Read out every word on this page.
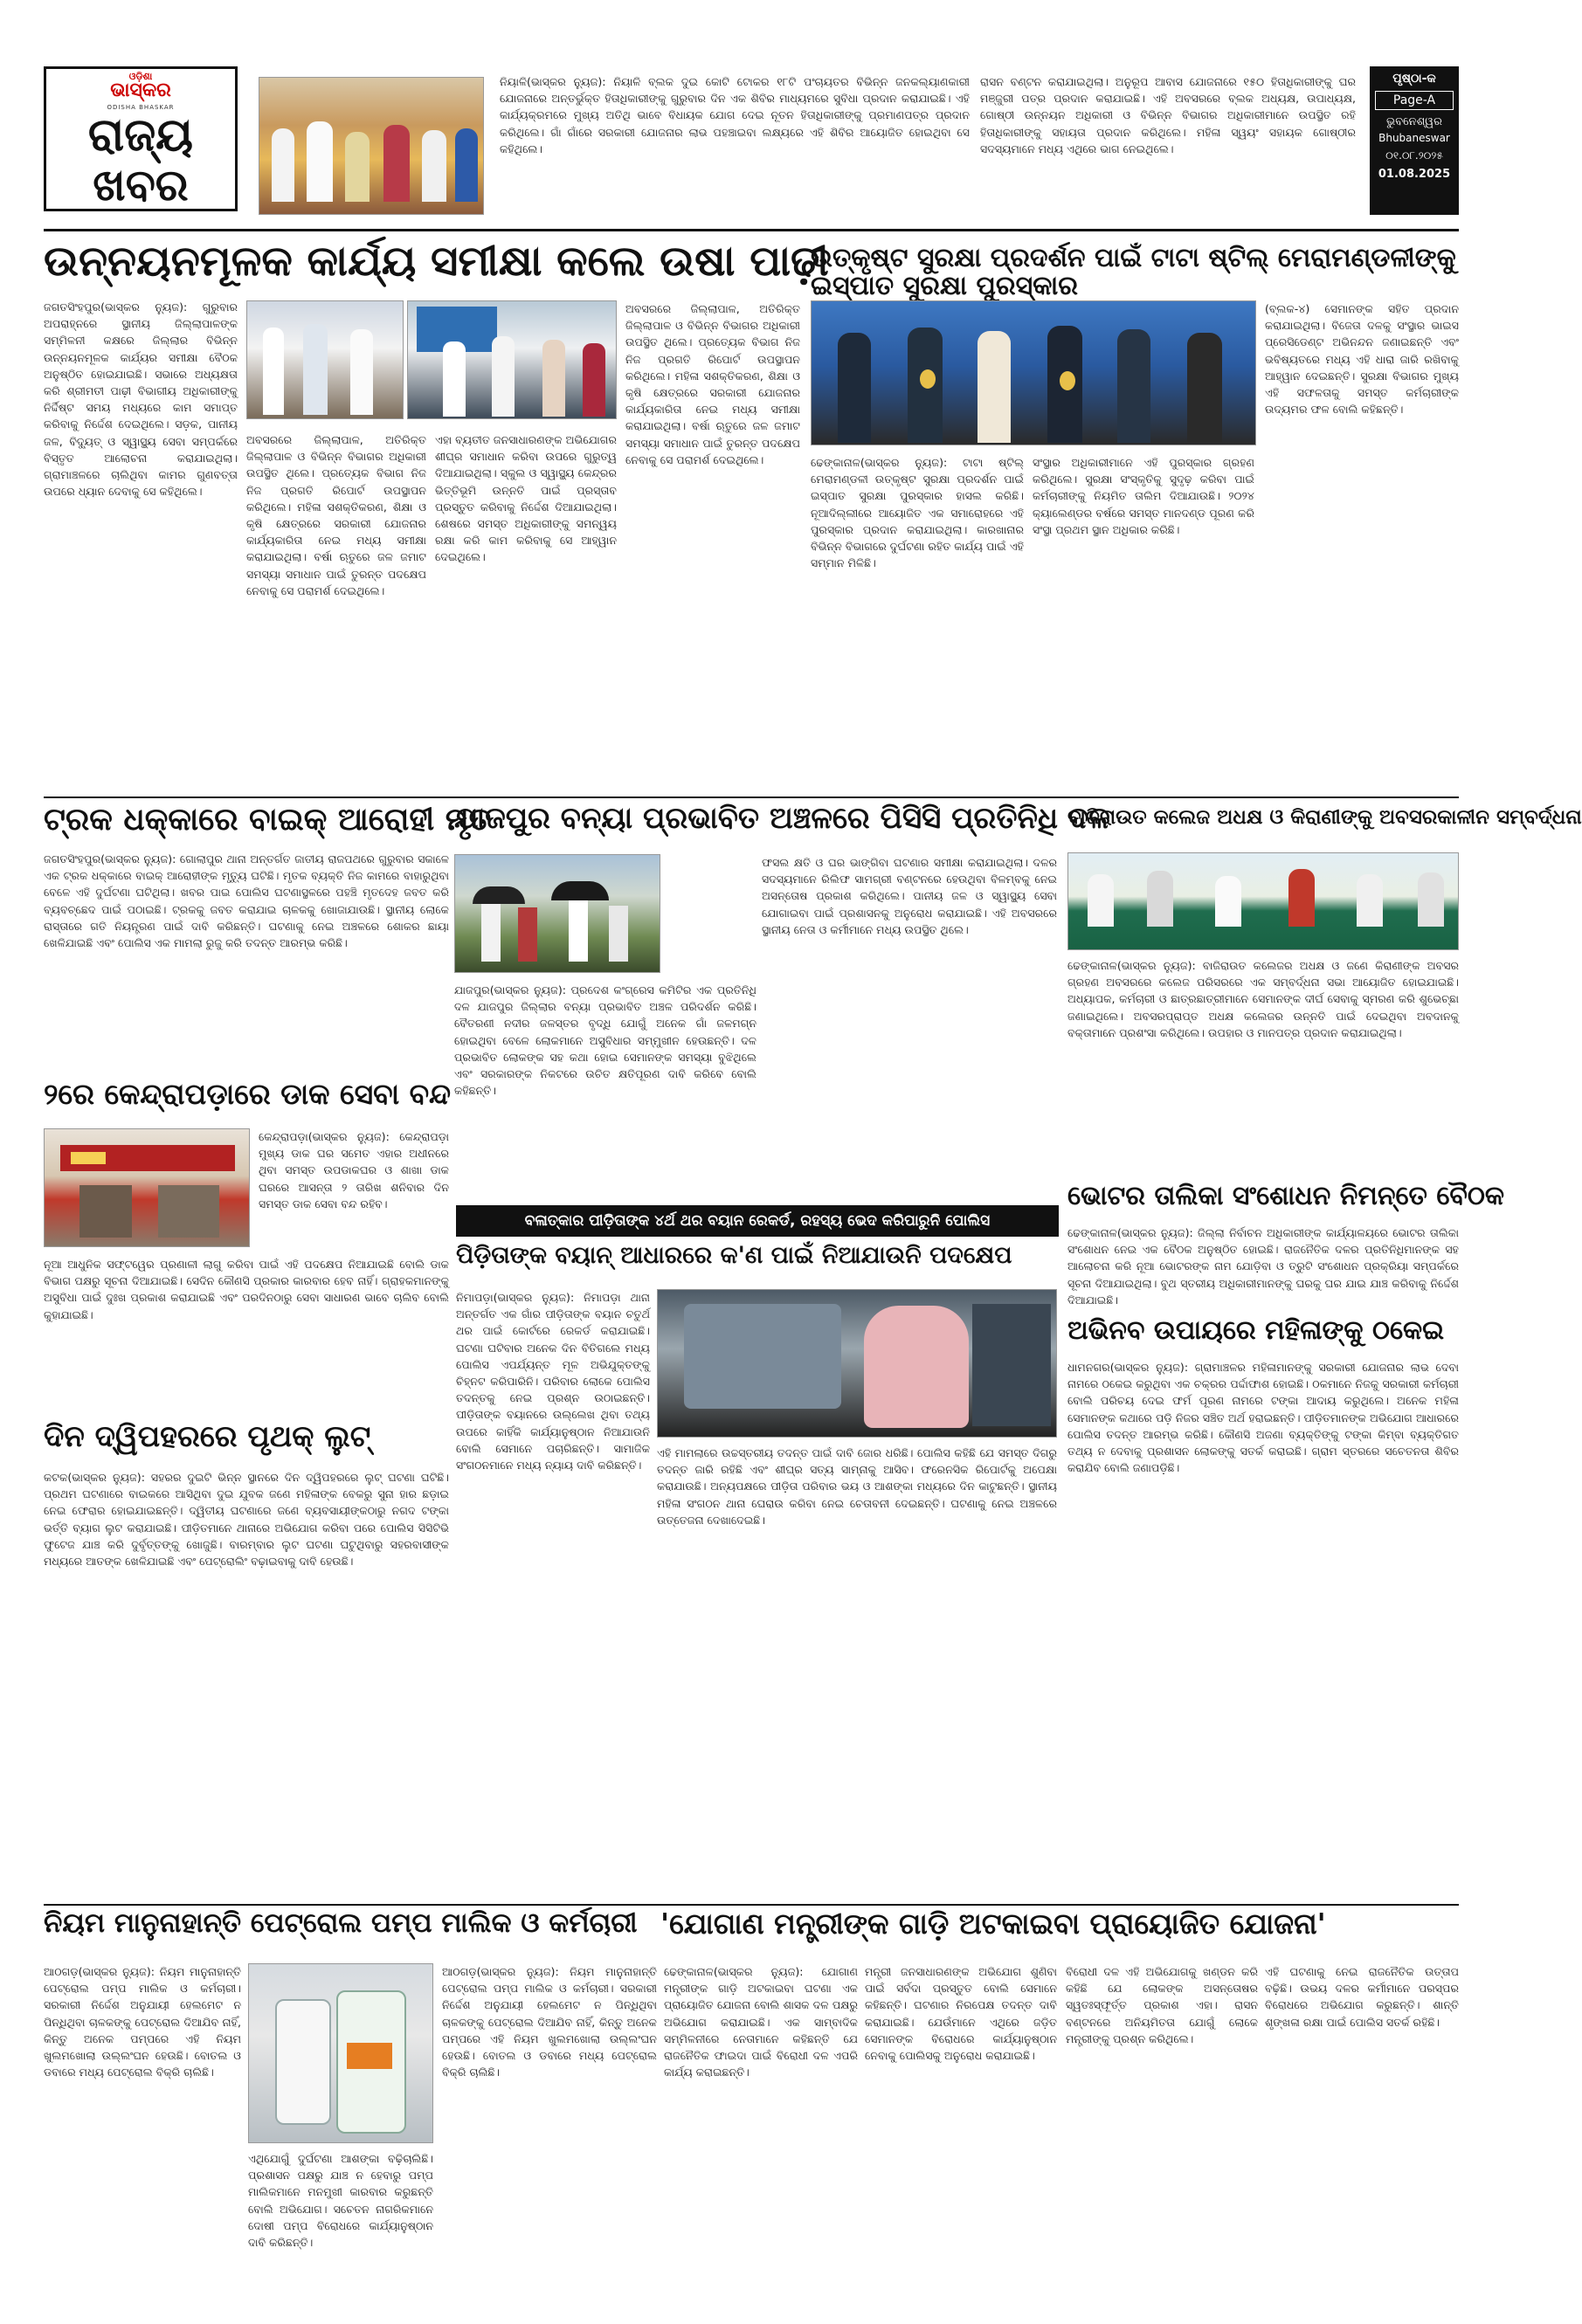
ଓଡ଼ିଶା
ଭାସ୍କର
ODISHA BHASKAR
ରାଜ୍ୟ
ଖବର
ନିୟାଳି(ଭାସ୍କର ନ୍ୟୁଜ): ନିୟାଳି ବ୍ଲକ ଦୁଇ କୋଟି ଟୋକର ୧୮ଟି ପଂଚାୟତର ବିଭିନ୍ନ ଜନକଲ୍ୟାଣକାରୀ ଯୋଜନାରେ ଅନ୍ତର୍ଭୁକ୍ତ ହିତାଧିକାରୀଙ୍କୁ ଗୁରୁବାର ଦିନ ଏକ ଶିବିର ମାଧ୍ୟମରେ ସୁବିଧା ପ୍ରଦାନ କରାଯାଇଛି। ଏହି କାର୍ଯ୍ୟକ୍ରମରେ ମୁଖ୍ୟ ଅତିଥି ଭାବେ ବିଧାୟକ ଯୋଗ ଦେଇ ନୂତନ ହିତାଧିକାରୀଙ୍କୁ ପ୍ରମାଣପତ୍ର ପ୍ରଦାନ କରିଥିଲେ। ଗାଁ ଗାଁରେ ସରକାରୀ ଯୋଜନାର ଲାଭ ପହଞ୍ଚାଇବା ଲକ୍ଷ୍ୟରେ ଏହି ଶିବିର ଆୟୋଜିତ ହୋଇଥିବା ସେ କହିଥିଲେ।
ରାସନ ବଣ୍ଟନ କରାଯାଇଥିଲା। ଅନୁରୂପ ଆବାସ ଯୋଜନାରେ ୧୫୦ ହିତାଧିକାରୀଙ୍କୁ ଘର ମଞ୍ଜୁରୀ ପତ୍ର ପ୍ରଦାନ କରାଯାଇଛି। ଏହି ଅବସରରେ ବ୍ଲକ ଅଧ୍ୟକ୍ଷ, ଉପାଧ୍ୟକ୍ଷ, ଗୋଷ୍ଠୀ ଉନ୍ନୟନ ଅଧିକାରୀ ଓ ବିଭିନ୍ନ ବିଭାଗର ଅଧିକାରୀମାନେ ଉପସ୍ଥିତ ରହି ହିତାଧିକାରୀଙ୍କୁ ସହାୟତା ପ୍ରଦାନ କରିଥିଲେ। ମହିଳା ସ୍ୱୟଂ ସହାୟକ ଗୋଷ୍ଠୀର ସଦସ୍ୟମାନେ ମଧ୍ୟ ଏଥିରେ ଭାଗ ନେଇଥିଲେ।
ପୃଷ୍ଠା-କ
Page-A
ଭୁବନେଶ୍ୱର
Bhubaneswar
୦୧.୦୮.୨୦୨୫
01.08.2025
ଉନ୍ନୟନମୂଳକ କାର୍ଯ୍ୟ ସମୀକ୍ଷା କଲେ ଉଷା ପାଢ଼ୀ
ଜଗତସିଂହପୁର(ଭାସ୍କର ନ୍ୟୁଜ): ଗୁରୁବାର ଅପରାହ୍ନରେ ସ୍ଥାନୀୟ ଜିଲ୍ଲାପାଳଙ୍କ ସମ୍ମିଳନୀ କକ୍ଷରେ ଜିଲ୍ଲାର ବିଭିନ୍ନ ଉନ୍ନୟନମୂଳକ କାର୍ଯ୍ୟର ସମୀକ୍ଷା ବୈଠକ ଅନୁଷ୍ଠିତ ହୋଇଯାଇଛି। ସଭାରେ ଅଧ୍ୟକ୍ଷତା କରି ଶ୍ରୀମତୀ ପାଢ଼ୀ ବିଭାଗୀୟ ଅଧିକାରୀଙ୍କୁ ନିର୍ଦ୍ଦିଷ୍ଟ ସମୟ ମଧ୍ୟରେ କାମ ସମାପ୍ତ କରିବାକୁ ନିର୍ଦ୍ଦେଶ ଦେଇଥିଲେ। ସଡ଼କ, ପାନୀୟ ଜଳ, ବିଦ୍ୟୁତ୍ ଓ ସ୍ୱାସ୍ଥ୍ୟ ସେବା ସମ୍ପର୍କରେ ବିସ୍ତୃତ ଆଲୋଚନା କରାଯାଇଥିଲା। ଗ୍ରାମାଞ୍ଚଳରେ ଚାଲିଥିବା କାମର ଗୁଣବତ୍ତା ଉପରେ ଧ୍ୟାନ ଦେବାକୁ ସେ କହିଥିଲେ।
ଅବସରରେ ଜିଲ୍ଲାପାଳ, ଅତିରିକ୍ତ ଜିଲ୍ଲାପାଳ ଓ ବିଭିନ୍ନ ବିଭାଗର ଅଧିକାରୀ ଉପସ୍ଥିତ ଥିଲେ। ପ୍ରତ୍ୟେକ ବିଭାଗ ନିଜ ନିଜ ପ୍ରଗତି ରିପୋର୍ଟ ଉପସ୍ଥାପନ କରିଥିଲେ। ମହିଳା ସଶକ୍ତିକରଣ, ଶିକ୍ଷା ଓ କୃଷି କ୍ଷେତ୍ରରେ ସରକାରୀ ଯୋଜନାର କାର୍ଯ୍ୟକାରିତା ନେଇ ମଧ୍ୟ ସମୀକ୍ଷା କରାଯାଇଥିଲା। ବର୍ଷା ଋତୁରେ ଜଳ ଜମାଟ ସମସ୍ୟା ସମାଧାନ ପାଇଁ ତୁରନ୍ତ ପଦକ୍ଷେପ ନେବାକୁ ସେ ପରାମର୍ଶ ଦେଇଥିଲେ।
ଏହା ବ୍ୟତୀତ ଜନସାଧାରଣଙ୍କ ଅଭିଯୋଗର ଶୀଘ୍ର ସମାଧାନ କରିବା ଉପରେ ଗୁରୁତ୍ୱ ଦିଆଯାଇଥିଲା। ସ୍କୁଲ ଓ ସ୍ୱାସ୍ଥ୍ୟ କେନ୍ଦ୍ରର ଭିତ୍ତିଭୂମି ଉନ୍ନତି ପାଇଁ ପ୍ରସ୍ତାବ ପ୍ରସ୍ତୁତ କରିବାକୁ ନିର୍ଦ୍ଦେଶ ଦିଆଯାଇଥିଲା। ଶେଷରେ ସମସ୍ତ ଅଧିକାରୀଙ୍କୁ ସମନ୍ୱୟ ରକ୍ଷା କରି କାମ କରିବାକୁ ସେ ଆହ୍ୱାନ ଦେଇଥିଲେ।
ଅବସରରେ ଜିଲ୍ଲାପାଳ, ଅତିରିକ୍ତ ଜିଲ୍ଲାପାଳ ଓ ବିଭିନ୍ନ ବିଭାଗର ଅଧିକାରୀ ଉପସ୍ଥିତ ଥିଲେ। ପ୍ରତ୍ୟେକ ବିଭାଗ ନିଜ ନିଜ ପ୍ରଗତି ରିପୋର୍ଟ ଉପସ୍ଥାପନ କରିଥିଲେ। ମହିଳା ସଶକ୍ତିକରଣ, ଶିକ୍ଷା ଓ କୃଷି କ୍ଷେତ୍ରରେ ସରକାରୀ ଯୋଜନାର କାର୍ଯ୍ୟକାରିତା ନେଇ ମଧ୍ୟ ସମୀକ୍ଷା କରାଯାଇଥିଲା। ବର୍ଷା ଋତୁରେ ଜଳ ଜମାଟ ସମସ୍ୟା ସମାଧାନ ପାଇଁ ତୁରନ୍ତ ପଦକ୍ଷେପ ନେବାକୁ ସେ ପରାମର୍ଶ ଦେଇଥିଲେ।
ଉତ୍କୃଷ୍ଟ ସୁରକ୍ଷା ପ୍ରଦର୍ଶନ ପାଇଁ ଟାଟା ଷ୍ଟିଲ୍ ମେରାମଣ୍ଡଳୀଙ୍କୁ ଇସ୍ପାତ ସୁରକ୍ଷା ପୁରସ୍କାର
ଢେଙ୍କାନାଳ(ଭାସ୍କର ନ୍ୟୁଜ): ଟାଟା ଷ୍ଟିଲ୍ ମେରାମଣ୍ଡଳୀ ଉତ୍କୃଷ୍ଟ ସୁରକ୍ଷା ପ୍ରଦର୍ଶନ ପାଇଁ ଇସ୍ପାତ ସୁରକ୍ଷା ପୁରସ୍କାର ହାସଲ କରିଛି। ନୂଆଦିଲ୍ଲୀରେ ଆୟୋଜିତ ଏକ ସମାରୋହରେ ଏହି ପୁରସ୍କାର ପ୍ରଦାନ କରାଯାଇଥିଲା। କାରଖାନାର ବିଭିନ୍ନ ବିଭାଗରେ ଦୁର୍ଘଟଣା ରହିତ କାର୍ଯ୍ୟ ପାଇଁ ଏହି ସମ୍ମାନ ମିଳିଛି।
ସଂସ୍ଥାର ଅଧିକାରୀମାନେ ଏହି ପୁରସ୍କାର ଗ୍ରହଣ କରିଥିଲେ। ସୁରକ୍ଷା ସଂସ୍କୃତିକୁ ସୁଦୃଢ଼ କରିବା ପାଇଁ କର୍ମଚାରୀଙ୍କୁ ନିୟମିତ ତାଲିମ ଦିଆଯାଉଛି। ୨୦୨୪ କ୍ୟାଲେଣ୍ଡର ବର୍ଷରେ ସମସ୍ତ ମାନଦଣ୍ଡ ପୂରଣ କରି ସଂସ୍ଥା ପ୍ରଥମ ସ୍ଥାନ ଅଧିକାର କରିଛି।
(ବ୍ଲକ-୪) ସେମାନଙ୍କ ସହିତ ପ୍ରଦାନ କରାଯାଇଥିଲା। ବିଜେତା ଦଳକୁ ସଂସ୍ଥାର ଭାଇସ ପ୍ରେସିଡେଣ୍ଟ ଅଭିନନ୍ଦନ ଜଣାଇଛନ୍ତି ଏବଂ ଭବିଷ୍ୟତରେ ମଧ୍ୟ ଏହି ଧାରା ଜାରି ରଖିବାକୁ ଆହ୍ୱାନ ଦେଇଛନ୍ତି। ସୁରକ୍ଷା ବିଭାଗର ମୁଖ୍ୟ ଏହି ସଫଳତାକୁ ସମସ୍ତ କର୍ମଚାରୀଙ୍କ ଉଦ୍ୟମର ଫଳ ବୋଲି କହିଛନ୍ତି।
ଟ୍ରକ ଧକ୍କାରେ ବାଇକ୍ ଆରୋହୀ ମୃତ
ଜଗତସିଂହପୁର(ଭାସ୍କର ନ୍ୟୁଜ): ଗୋଲାପୁର ଥାନା ଅନ୍ତର୍ଗତ ଜାତୀୟ ରାଜପଥରେ ଗୁରୁବାର ସକାଳେ ଏକ ଟ୍ରକ ଧକ୍କାରେ ବାଇକ୍ ଆରୋହୀଙ୍କ ମୃତ୍ୟୁ ଘଟିଛି। ମୃତକ ବ୍ୟକ୍ତି ନିଜ କାମରେ ବାହାରୁଥିବା ବେଳେ ଏହି ଦୁର୍ଘଟଣା ଘଟିଥିଲା। ଖବର ପାଇ ପୋଲିସ ଘଟଣାସ୍ଥଳରେ ପହଞ୍ଚି ମୃତଦେହ ଜବତ କରି ବ୍ୟବଚ୍ଛେଦ ପାଇଁ ପଠାଇଛି। ଟ୍ରକକୁ ଜବତ କରାଯାଇ ଚାଳକକୁ ଖୋଜାଯାଉଛି। ସ୍ଥାନୀୟ ଲୋକେ ରାସ୍ତାରେ ଗତି ନିୟନ୍ତ୍ରଣ ପାଇଁ ଦାବି କରିଛନ୍ତି। ଘଟଣାକୁ ନେଇ ଅଞ୍ଚଳରେ ଶୋକର ଛାୟା ଖେଳିଯାଇଛି ଏବଂ ପୋଲିସ ଏକ ମାମଲା ରୁଜୁ କରି ତଦନ୍ତ ଆରମ୍ଭ କରିଛି।
ଯାଜପୁର ବନ୍ୟା ପ୍ରଭାବିତ ଅଞ୍ଚଳରେ ପିସିସି ପ୍ରତିନିଧି ଦଳ
ଯାଜପୁର(ଭାସ୍କର ନ୍ୟୁଜ): ପ୍ରଦେଶ କଂଗ୍ରେସ କମିଟିର ଏକ ପ୍ରତିନିଧି ଦଳ ଯାଜପୁର ଜିଲ୍ଲାର ବନ୍ୟା ପ୍ରଭାବିତ ଅଞ୍ଚଳ ପରିଦର୍ଶନ କରିଛି। ବୈତରଣୀ ନଦୀର ଜଳସ୍ତର ବୃଦ୍ଧି ଯୋଗୁଁ ଅନେକ ଗାଁ ଜଳମଗ୍ନ ହୋଇଥିବା ବେଳେ ଲୋକମାନେ ଅସୁବିଧାର ସମ୍ମୁଖୀନ ହେଉଛନ୍ତି। ଦଳ ପ୍ରଭାବିତ ଲୋକଙ୍କ ସହ କଥା ହୋଇ ସେମାନଙ୍କ ସମସ୍ୟା ବୁଝିଥିଲେ ଏବଂ ସରକାରଙ୍କ ନିକଟରେ ଉଚିତ କ୍ଷତିପୂରଣ ଦାବି କରିବେ ବୋଲି କହିଛନ୍ତି।
ଫସଲ କ୍ଷତି ଓ ଘର ଭାଙ୍ଗିବା ଘଟଣାର ସମୀକ୍ଷା କରାଯାଇଥିଲା। ଦଳର ସଦସ୍ୟମାନେ ରିଲିଫ ସାମଗ୍ରୀ ବଣ୍ଟନରେ ହେଉଥିବା ବିଳମ୍ବକୁ ନେଇ ଅସନ୍ତୋଷ ପ୍ରକାଶ କରିଥିଲେ। ପାନୀୟ ଜଳ ଓ ସ୍ୱାସ୍ଥ୍ୟ ସେବା ଯୋଗାଇବା ପାଇଁ ପ୍ରଶାସନକୁ ଅନୁରୋଧ କରାଯାଇଛି। ଏହି ଅବସରରେ ସ୍ଥାନୀୟ ନେତା ଓ କର୍ମୀମାନେ ମଧ୍ୟ ଉପସ୍ଥିତ ଥିଲେ।
ବାଜିରାଉତ କଲେଜ ଅଧକ୍ଷ ଓ କିରାଣୀଙ୍କୁ ଅବସରକାଳୀନ ସମ୍ବର୍ଦ୍ଧନା
ଢେଙ୍କାନାଳ(ଭାସ୍କର ନ୍ୟୁଜ): ବାଜିରାଉତ କଲେଜର ଅଧକ୍ଷ ଓ ଜଣେ କିରାଣୀଙ୍କ ଅବସର ଗ୍ରହଣ ଅବସରରେ କଲେଜ ପରିସରରେ ଏକ ସମ୍ବର୍ଦ୍ଧନା ସଭା ଆୟୋଜିତ ହୋଇଯାଇଛି। ଅଧ୍ୟାପକ, କର୍ମଚାରୀ ଓ ଛାତ୍ରଛାତ୍ରୀମାନେ ସେମାନଙ୍କ ଦୀର୍ଘ ସେବାକୁ ସ୍ମରଣ କରି ଶୁଭେଚ୍ଛା ଜଣାଇଥିଲେ। ଅବସରପ୍ରାପ୍ତ ଅଧକ୍ଷ କଲେଜର ଉନ୍ନତି ପାଇଁ ଦେଇଥିବା ଅବଦାନକୁ ବକ୍ତାମାନେ ପ୍ରଶଂସା କରିଥିଲେ। ଉପହାର ଓ ମାନପତ୍ର ପ୍ରଦାନ କରାଯାଇଥିଲା।
୨ରେ କେନ୍ଦ୍ରାପଡ଼ାରେ ଡାକ ସେବା ବନ୍ଦ
କେନ୍ଦ୍ରାପଡ଼ା(ଭାସ୍କର ନ୍ୟୁଜ): କେନ୍ଦ୍ରାପଡ଼ା ମୁଖ୍ୟ ଡାକ ଘର ସମେତ ଏହାର ଅଧୀନରେ ଥିବା ସମସ୍ତ ଉପଡାକଘର ଓ ଶାଖା ଡାକ ଘରରେ ଆସନ୍ତା ୨ ତାରିଖ ଶନିବାର ଦିନ ସମସ୍ତ ଡାକ ସେବା ବନ୍ଦ ରହିବ।
ନୂଆ ଆଧୁନିକ ସଫ୍ଟୱେର ପ୍ରଣାଳୀ ଲାଗୁ କରିବା ପାଇଁ ଏହି ପଦକ୍ଷେପ ନିଆଯାଇଛି ବୋଲି ଡାକ ବିଭାଗ ପକ୍ଷରୁ ସୂଚନା ଦିଆଯାଇଛି। ସେଦିନ କୌଣସି ପ୍ରକାର କାରବାର ହେବ ନାହିଁ। ଗ୍ରାହକମାନଙ୍କୁ ଅସୁବିଧା ପାଇଁ ଦୁଃଖ ପ୍ରକାଶ କରାଯାଇଛି ଏବଂ ପରଦିନଠାରୁ ସେବା ସାଧାରଣ ଭାବେ ଚାଲିବ ବୋଲି କୁହାଯାଇଛି।
ଭୋଟର ତାଲିକା ସଂଶୋଧନ ନିମନ୍ତେ ବୈଠକ
ଢେଙ୍କାନାଳ(ଭାସ୍କର ନ୍ୟୁଜ): ଜିଲ୍ଲା ନିର୍ବାଚନ ଅଧିକାରୀଙ୍କ କାର୍ଯ୍ୟାଳୟରେ ଭୋଟର ତାଲିକା ସଂଶୋଧନ ନେଇ ଏକ ବୈଠକ ଅନୁଷ୍ଠିତ ହୋଇଛି। ରାଜନୈତିକ ଦଳର ପ୍ରତିନିଧିମାନଙ୍କ ସହ ଆଲୋଚନା କରି ନୂଆ ଭୋଟରଙ୍କ ନାମ ଯୋଡ଼ିବା ଓ ତ୍ରୁଟି ସଂଶୋଧନ ପ୍ରକ୍ରିୟା ସମ୍ପର୍କରେ ସୂଚନା ଦିଆଯାଇଥିଲା। ବୁଥ ସ୍ତରୀୟ ଅଧିକାରୀମାନଙ୍କୁ ଘରକୁ ଘର ଯାଇ ଯାଞ୍ଚ କରିବାକୁ ନିର୍ଦ୍ଦେଶ ଦିଆଯାଇଛି।
ବଳାତ୍କାର ପୀଡ଼ିତାଙ୍କ ୪ର୍ଥ ଥର ବୟାନ ରେକର୍ଡ, ରହସ୍ୟ ଭେଦ କରିପାରୁନି ପୋଲିସ
ପିଡ଼ିତାଙ୍କ ବୟାନ୍ ଆଧାରରେ କ'ଣ ପାଇଁ ନିଆଯାଉନି ପଦକ୍ଷେପ
ନିମାପଡ଼ା(ଭାସ୍କର ନ୍ୟୁଜ): ନିମାପଡ଼ା ଥାନା ଅନ୍ତର୍ଗତ ଏକ ଗାଁର ପୀଡ଼ିତାଙ୍କ ବୟାନ ଚତୁର୍ଥ ଥର ପାଇଁ କୋର୍ଟରେ ରେକର୍ଡ କରାଯାଇଛି। ଘଟଣା ଘଟିବାର ଅନେକ ଦିନ ବିତିଗଲେ ମଧ୍ୟ ପୋଲିସ ଏପର୍ଯ୍ୟନ୍ତ ମୂଳ ଅଭିଯୁକ୍ତଙ୍କୁ ଚିହ୍ନଟ କରିପାରିନି। ପରିବାର ଲୋକେ ପୋଲିସ ତଦନ୍ତକୁ ନେଇ ପ୍ରଶ୍ନ ଉଠାଇଛନ୍ତି। ପୀଡ଼ିତାଙ୍କ ବୟାନରେ ଉଲ୍ଲେଖ ଥିବା ତଥ୍ୟ ଉପରେ କାହିଁକି କାର୍ଯ୍ୟାନୁଷ୍ଠାନ ନିଆଯାଉନି ବୋଲି ସେମାନେ ପଚାରିଛନ୍ତି। ସାମାଜିକ ସଂଗଠନମାନେ ମଧ୍ୟ ନ୍ୟାୟ ଦାବି କରିଛନ୍ତି।
ଏହି ମାମଲାରେ ଉଚ୍ଚସ୍ତରୀୟ ତଦନ୍ତ ପାଇଁ ଦାବି ଜୋର ଧରିଛି। ପୋଲିସ କହିଛି ଯେ ସମସ୍ତ ଦିଗରୁ ତଦନ୍ତ ଜାରି ରହିଛି ଏବଂ ଶୀଘ୍ର ସତ୍ୟ ସାମ୍ନାକୁ ଆସିବ। ଫରେନସିକ ରିପୋର୍ଟକୁ ଅପେକ୍ଷା କରାଯାଉଛି। ଅନ୍ୟପକ୍ଷରେ ପୀଡ଼ିତା ପରିବାର ଭୟ ଓ ଆଶଙ୍କା ମଧ୍ୟରେ ଦିନ କାଟୁଛନ୍ତି। ସ୍ଥାନୀୟ ମହିଳା ସଂଗଠନ ଥାନା ଘେରାଉ କରିବା ନେଇ ଚେତାବନୀ ଦେଇଛନ୍ତି। ଘଟଣାକୁ ନେଇ ଅଞ୍ଚଳରେ ଉତ୍ତେଜନା ଦେଖାଦେଇଛି।
ଦିନ ଦ୍ୱିପହରରେ ପୃଥକ୍ ଲୁଟ୍
କଟକ(ଭାସ୍କର ନ୍ୟୁଜ): ସହରର ଦୁଇଟି ଭିନ୍ନ ସ୍ଥାନରେ ଦିନ ଦ୍ୱିପହରରେ ଲୁଟ୍ ଘଟଣା ଘଟିଛି। ପ୍ରଥମ ଘଟଣାରେ ବାଇକରେ ଆସିଥିବା ଦୁଇ ଯୁବକ ଜଣେ ମହିଳାଙ୍କ ବେକରୁ ସୁନା ହାର ଛଡ଼ାଇ ନେଇ ଫେରାର ହୋଇଯାଇଛନ୍ତି। ଦ୍ୱିତୀୟ ଘଟଣାରେ ଜଣେ ବ୍ୟବସାୟୀଙ୍କଠାରୁ ନଗଦ ଟଙ୍କା ଭର୍ତ୍ତି ବ୍ୟାଗ ଲୁଟ କରାଯାଇଛି। ପୀଡ଼ିତମାନେ ଥାନାରେ ଅଭିଯୋଗ କରିବା ପରେ ପୋଲିସ ସିସିଟିଭି ଫୁଟେଜ ଯାଞ୍ଚ କରି ଦୁର୍ବୃତ୍ତଙ୍କୁ ଖୋଜୁଛି। ବାରମ୍ବାର ଲୁଟ ଘଟଣା ଘଟୁଥିବାରୁ ସହରବାସୀଙ୍କ ମଧ୍ୟରେ ଆତଙ୍କ ଖେଳିଯାଇଛି ଏବଂ ପେଟ୍ରୋଲିଂ ବଢ଼ାଇବାକୁ ଦାବି ହେଉଛି।
ଅଭିନବ ଉପାୟରେ ମହିଳାଙ୍କୁ ଠକେଇ
ଧାମନଗର(ଭାସ୍କର ନ୍ୟୁଜ): ଗ୍ରାମାଞ୍ଚଳର ମହିଳାମାନଙ୍କୁ ସରକାରୀ ଯୋଜନାର ଲାଭ ଦେବା ନାମରେ ଠକେଇ କରୁଥିବା ଏକ ଚକ୍ରର ପର୍ଦ୍ଦାଫାଶ ହୋଇଛି। ଠକମାନେ ନିଜକୁ ସରକାରୀ କର୍ମଚାରୀ ବୋଲି ପରିଚୟ ଦେଇ ଫର୍ମ ପୂରଣ ନାମରେ ଟଙ୍କା ଆଦାୟ କରୁଥିଲେ। ଅନେକ ମହିଳା ସେମାନଙ୍କ କଥାରେ ପଡ଼ି ନିଜର ସଞ୍ଚିତ ଅର୍ଥ ହରାଇଛନ୍ତି। ପୀଡ଼ିତମାନଙ୍କ ଅଭିଯୋଗ ଆଧାରରେ ପୋଲିସ ତଦନ୍ତ ଆରମ୍ଭ କରିଛି। କୌଣସି ଅଜଣା ବ୍ୟକ୍ତିଙ୍କୁ ଟଙ୍କା କିମ୍ବା ବ୍ୟକ୍ତିଗତ ତଥ୍ୟ ନ ଦେବାକୁ ପ୍ରଶାସନ ଲୋକଙ୍କୁ ସତର୍କ କରାଇଛି। ଗ୍ରାମ ସ୍ତରରେ ସଚେତନତା ଶିବିର କରାଯିବ ବୋଲି ଜଣାପଡ଼ିଛି।
ନିୟମ ମାନୁନାହାନ୍ତି ପେଟ୍ରୋଲ ପମ୍ପ ମାଲିକ ଓ କର୍ମଚାରୀ
ଆଠଗଡ଼(ଭାସ୍କର ନ୍ୟୁଜ): ନିୟମ ମାନୁନାହାନ୍ତି ପେଟ୍ରୋଲ ପମ୍ପ ମାଲିକ ଓ କର୍ମଚାରୀ। ସରକାରୀ ନିର୍ଦ୍ଦେଶ ଅନୁଯାୟୀ ହେଲମେଟ ନ ପିନ୍ଧିଥିବା ଚାଳକଙ୍କୁ ପେଟ୍ରୋଲ ଦିଆଯିବ ନାହିଁ, କିନ୍ତୁ ଅନେକ ପମ୍ପରେ ଏହି ନିୟମ ଖୁଲମଖୋଲା ଉଲ୍ଲଂଘନ ହେଉଛି। ବୋତଲ ଓ ଡବାରେ ମଧ୍ୟ ପେଟ୍ରୋଲ ବିକ୍ରି ଚାଲିଛି।
ଏଥିଯୋଗୁଁ ଦୁର୍ଘଟଣା ଆଶଙ୍କା ବଢ଼ିଚାଲିଛି। ପ୍ରଶାସନ ପକ୍ଷରୁ ଯାଞ୍ଚ ନ ହେବାରୁ ପମ୍ପ ମାଲିକମାନେ ମନମୁଖୀ କାରବାର କରୁଛନ୍ତି ବୋଲି ଅଭିଯୋଗ। ସଚେତନ ନାଗରିକମାନେ ଦୋଷୀ ପମ୍ପ ବିରୋଧରେ କାର୍ଯ୍ୟାନୁଷ୍ଠାନ ଦାବି କରିଛନ୍ତି।
ଆଠଗଡ଼(ଭାସ୍କର ନ୍ୟୁଜ): ନିୟମ ମାନୁନାହାନ୍ତି ପେଟ୍ରୋଲ ପମ୍ପ ମାଲିକ ଓ କର୍ମଚାରୀ। ସରକାରୀ ନିର୍ଦ୍ଦେଶ ଅନୁଯାୟୀ ହେଲମେଟ ନ ପିନ୍ଧିଥିବା ଚାଳକଙ୍କୁ ପେଟ୍ରୋଲ ଦିଆଯିବ ନାହିଁ, କିନ୍ତୁ ଅନେକ ପମ୍ପରେ ଏହି ନିୟମ ଖୁଲମଖୋଲା ଉଲ୍ଲଂଘନ ହେଉଛି। ବୋତଲ ଓ ଡବାରେ ମଧ୍ୟ ପେଟ୍ରୋଲ ବିକ୍ରି ଚାଲିଛି।
'ଯୋଗାଣ ମନ୍ତ୍ରୀଙ୍କ ଗାଡ଼ି ଅଟକାଇବା ପ୍ରାୟୋଜିତ ଯୋଜନା'
ଢେଙ୍କାନାଳ(ଭାସ୍କର ନ୍ୟୁଜ): ଯୋଗାଣ ମନ୍ତ୍ରୀଙ୍କ ଗାଡ଼ି ଅଟକାଇବା ଘଟଣା ଏକ ପ୍ରାୟୋଜିତ ଯୋଜନା ବୋଲି ଶାସକ ଦଳ ପକ୍ଷରୁ ଅଭିଯୋଗ କରାଯାଇଛି। ଏକ ସାମ୍ବାଦିକ ସମ୍ମିଳନୀରେ ନେତାମାନେ କହିଛନ୍ତି ଯେ ରାଜନୈତିକ ଫାଇଦା ପାଇଁ ବିରୋଧୀ ଦଳ ଏପରି କାର୍ଯ୍ୟ କରାଇଛନ୍ତି।
ମନ୍ତ୍ରୀ ଜନସାଧାରଣଙ୍କ ଅଭିଯୋଗ ଶୁଣିବା ପାଇଁ ସର୍ବଦା ପ୍ରସ୍ତୁତ ବୋଲି ସେମାନେ କହିଛନ୍ତି। ଘଟଣାର ନିରପେକ୍ଷ ତଦନ୍ତ ଦାବି କରାଯାଇଛି। ଯେଉଁମାନେ ଏଥିରେ ଜଡ଼ିତ ସେମାନଙ୍କ ବିରୋଧରେ କାର୍ଯ୍ୟାନୁଷ୍ଠାନ ନେବାକୁ ପୋଲିସକୁ ଅନୁରୋଧ କରାଯାଇଛି।
ବିରୋଧୀ ଦଳ ଏହି ଅଭିଯୋଗକୁ ଖଣ୍ଡନ କରି କହିଛି ଯେ ଲୋକଙ୍କ ଅସନ୍ତୋଷର ସ୍ୱତଃସ୍ଫୂର୍ତ୍ତ ପ୍ରକାଶ ଏହା। ରାସନ ବଣ୍ଟନରେ ଅନିୟମିତତା ଯୋଗୁଁ ଲୋକେ ମନ୍ତ୍ରୀଙ୍କୁ ପ୍ରଶ୍ନ କରିଥିଲେ।
ଏହି ଘଟଣାକୁ ନେଇ ରାଜନୈତିକ ଉତ୍ତାପ ବଢ଼ିଛି। ଉଭୟ ଦଳର କର୍ମୀମାନେ ପରସ୍ପର ବିରୋଧରେ ଅଭିଯୋଗ କରୁଛନ୍ତି। ଶାନ୍ତି ଶୃଙ୍ଖଳା ରକ୍ଷା ପାଇଁ ପୋଲିସ ସତର୍କ ରହିଛି।
